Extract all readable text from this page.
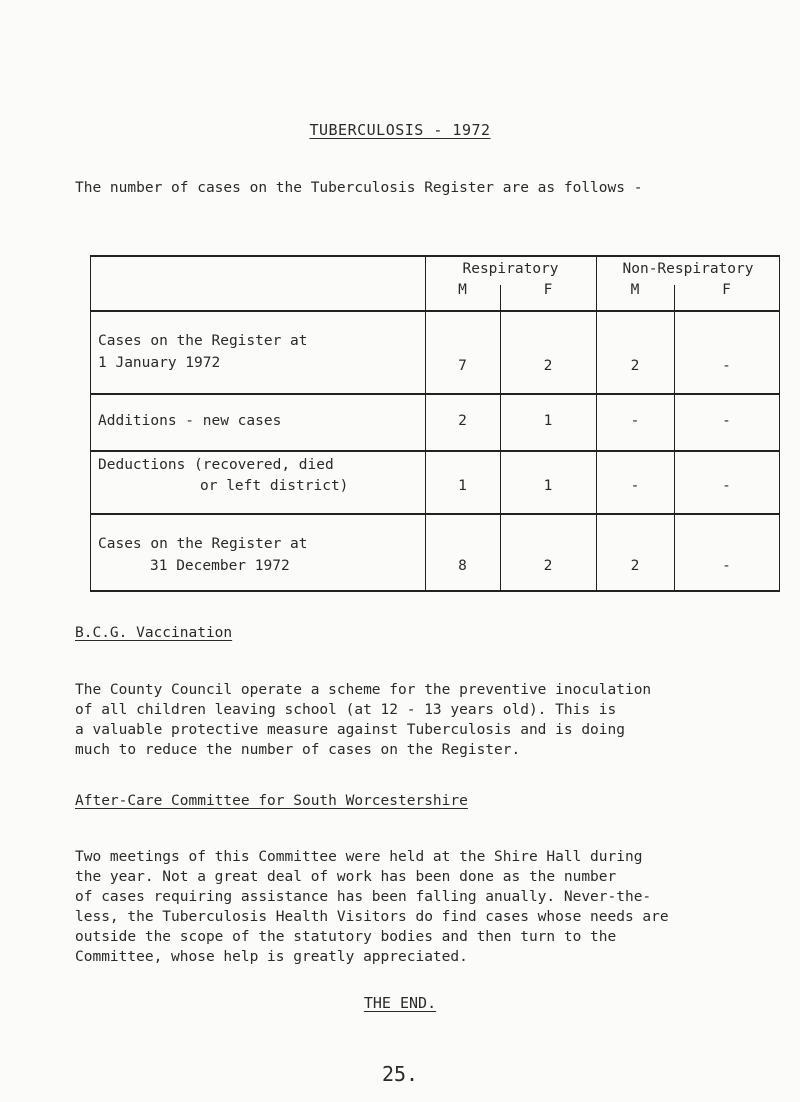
TUBERCULOSIS - 1972
The number of cases on the Tuberculosis Register are as follows -
Respiratory	Non-Respiratory
M	F	M	F
Cases on the Register at
1 January 1972	7	2	2	-
Additions - new cases	2	1	-	-
Deductions (recovered, died
or left district)	1	1	-	-
Cases on the Register at
31 December 1972	8	2	2	-
B.C.G. Vaccination
The County Council operate a scheme for the preventive inoculation
of all children leaving school (at 12 - 13 years old). This is
a valuable protective measure against Tuberculosis and is doing
much to reduce the number of cases on the Register.
After-Care Committee for South Worcestershire
Two meetings of this Committee were held at the Shire Hall during
the year. Not a great deal of work has been done as the number
of cases requiring assistance has been falling anually. Never-the-
less, the Tuberculosis Health Visitors do find cases whose needs are
outside the scope of the statutory bodies and then turn to the
Committee, whose help is greatly appreciated.
THE END.
25.
